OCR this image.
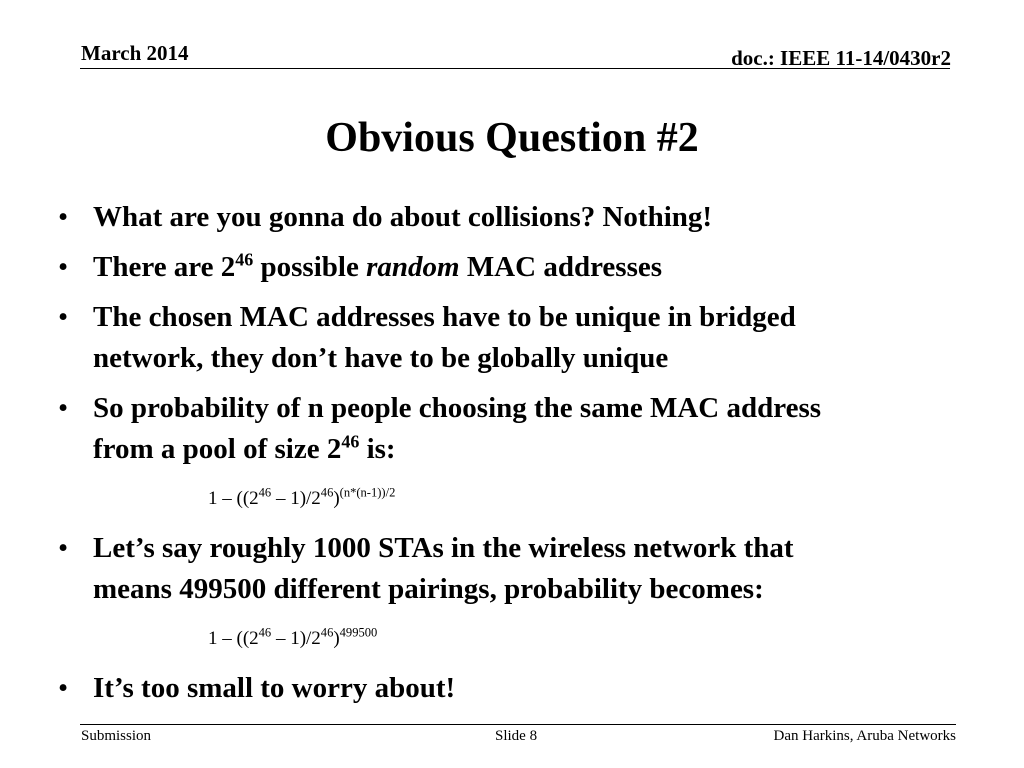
March 2014	doc.: IEEE 11-14/0430r2
Obvious Question #2
• What are you gonna do about collisions? Nothing!
• There are $2^{46}$ possible random MAC addresses
• The chosen MAC addresses have to be unique in bridged
network, they don’t have to be globally unique
• So probability of n people choosing the same MAC address
from a pool of size $2^{46}$ is:
$1 - ((2^{46} - 1)/2^{46})^{(n*(n-1))/2}$
• Let’s say roughly 1000 STAs in the wireless network that
means 499500 different pairings, probability becomes:
$1 - ((2^{46} - 1)/2^{46})^{499500}$
• It’s too small to worry about!
Submission	Slide 8	Dan Harkins, Aruba Networks
